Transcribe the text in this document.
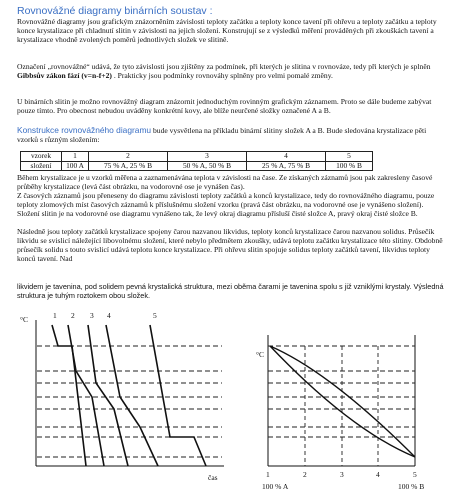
Rovnovážné diagramy binárních soustav :
Rovnovážné diagramy jsou grafickým znázorněním závislosti teploty začátku a teploty konce tavení při ohřevu a teploty začátku a teploty konce krystalizace při chladnutí slitin v závislosti na jejich složení. Konstrujují se z výsledků měření prováděných při zkouškách tavení a krystalizace vhodně zvolených poměrů jednotlivých složek ve slitině.
Označení „rovnovážné“ udává, že tyto závislosti jsou zjištěny za podmínek, při kterých je slitina v rovnováze, tedy při kterých je splněn Gibbsův zákon fází (v=n-f+2) . Prakticky jsou podmínky rovnováhy splněny pro velmi pomalé změny.
U binárních slitin je možno rovnovážný diagram znázornit jednoduchým rovinným grafickým záznamem. Proto se dále budeme zabývat pouze tímto. Pro obecnost nebudou uváděny konkrétní kovy, ale blíže neurčené složky označené A a B.
Konstrukce rovnovážného diagramu bude vysvětlena na příkladu binární slitiny složek A a B. Bude sledována krystalizace pěti vzorků s různým složením:
vzorek	1	2	3	4	5
složení	100 A	75 % A, 25 % B	50 % A, 50 % B	25 % A, 75 % B	100 % B
Během krystalizace je u vzorků měřena a zaznamenávána teplota v závislosti na čase. Ze získaných záznamů jsou pak zakresleny časové průběhy krystalizace (levá část obrázku, na vodorovné ose je vynášen čas).
Z časových záznamů jsou přeneseny do diagramu závislosti teploty začátků a konců krystalizace, tedy do rovnovážného diagramu, pouze teploty zlomových míst časových záznamů k příslušnému složení vzorku (pravá část obrázku, na vodorovné ose je vynášeno složení). Složení slitin je na vodorovné ose diagramu vynášeno tak, že levý okraj diagramu přísluší čisté složce A, pravý okraj čisté složce B.
Následně jsou teploty začátků krystalizace spojeny čarou nazvanou likvidus, teploty konců krystalizace čarou nazvanou solidus. Průsečík likvidu se svislicí náležející libovolnému složení, které nebylo předmětem zkoušky, udává teplotu začátku krystalizace této slitiny. Obdobně průsečík solidu s touto svislicí udává teplotu konce krystalizace. Při ohřevu slitin spojuje solidus teploty začátků tavení, likvidus teploty konců tavení. Nad
likvidem je tavenina, pod solidem pevná krystalická struktura, mezi oběma čarami je tavenina spolu s již vzniklými krystaly. Výsledná struktura je tuhým roztokem obou složek.
°C
čas
1 2 3 4	5
°C
1	2	3	4	5
100 % A	100 % B
